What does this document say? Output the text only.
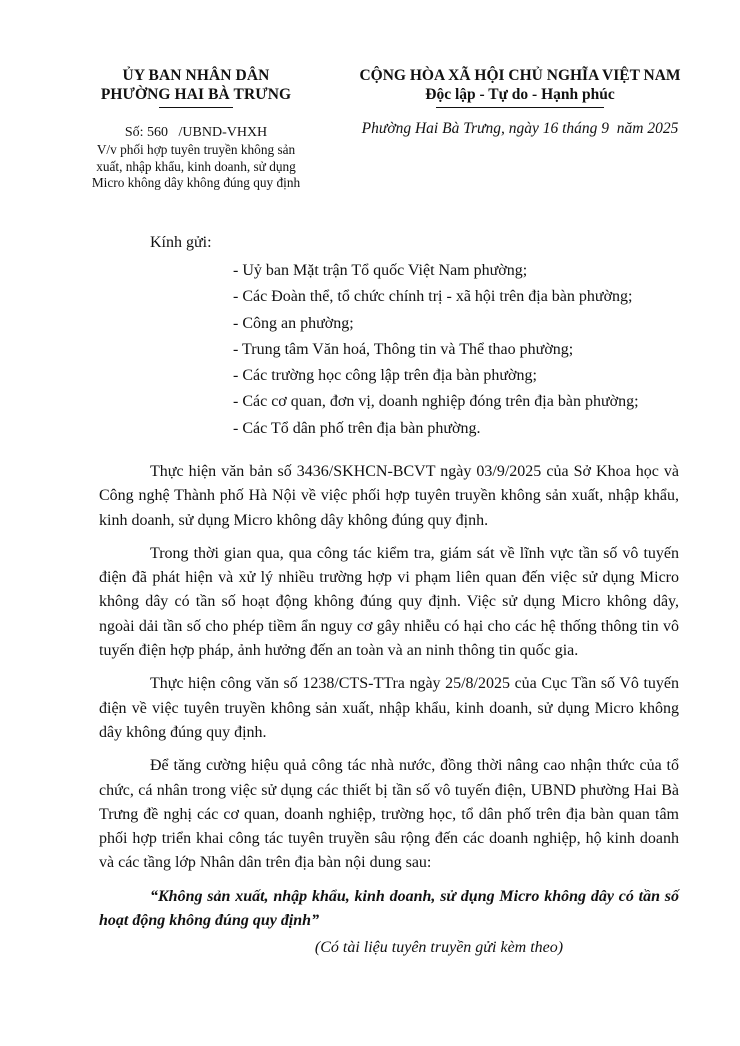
ỦY BAN NHÂN DÂN
PHƯỜNG HAI BÀ TRƯNG
Số: 560   /UBND-VHXH
V/v phối hợp tuyên truyền không sản
xuất, nhập khẩu, kinh doanh, sử dụng
Micro không dây không đúng quy định
CỘNG HÒA XÃ HỘI CHỦ NGHĨA VIỆT NAM
Độc lập - Tự do - Hạnh phúc
Phường Hai Bà Trưng, ngày 16 tháng 9  năm 2025
Kính gửi:
- Uỷ ban Mặt trận Tổ quốc Việt Nam phường;
- Các Đoàn thể, tổ chức chính trị - xã hội trên địa bàn phường;
- Công an phường;
- Trung tâm Văn hoá, Thông tin và Thể thao phường;
- Các trường học công lập trên địa bàn phường;
- Các cơ quan, đơn vị, doanh nghiệp đóng trên địa bàn phường;
- Các Tổ dân phố trên địa bàn phường.

Thực hiện văn bản số 3436/SKHCN-BCVT ngày 03/9/2025 của Sở Khoa học và Công nghệ Thành phố Hà Nội về việc phối hợp tuyên truyền không sản xuất, nhập khẩu, kinh doanh, sử dụng Micro không dây không đúng quy định.

Trong thời gian qua, qua công tác kiểm tra, giám sát về lĩnh vực tần số vô tuyến điện đã phát hiện và xử lý nhiều trường hợp vi phạm liên quan đến việc sử dụng Micro không dây có tần số hoạt động không đúng quy định. Việc sử dụng Micro không dây, ngoài dải tần số cho phép tiềm ẩn nguy cơ gây nhiễu có hại cho các hệ thống thông tin vô tuyến điện hợp pháp, ảnh hưởng đến an toàn và an ninh thông tin quốc gia.

Thực hiện công văn số 1238/CTS-TTra ngày 25/8/2025 của Cục Tần số Vô tuyến điện về việc tuyên truyền không sản xuất, nhập khẩu, kinh doanh, sử dụng Micro không dây không đúng quy định.

Để tăng cường hiệu quả công tác nhà nước, đồng thời nâng cao nhận thức của tổ chức, cá nhân trong việc sử dụng các thiết bị tần số vô tuyến điện, UBND phường Hai Bà Trưng đề nghị các cơ quan, doanh nghiệp, trường học, tổ dân phố trên địa bàn quan tâm phối hợp triển khai công tác tuyên truyền sâu rộng đến các doanh nghiệp, hộ kinh doanh và các tầng lớp Nhân dân trên địa bàn nội dung sau:

“Không sản xuất, nhập khẩu, kinh doanh, sử dụng Micro không dây có tần số hoạt động không đúng quy định”

(Có tài liệu tuyên truyền gửi kèm theo)
